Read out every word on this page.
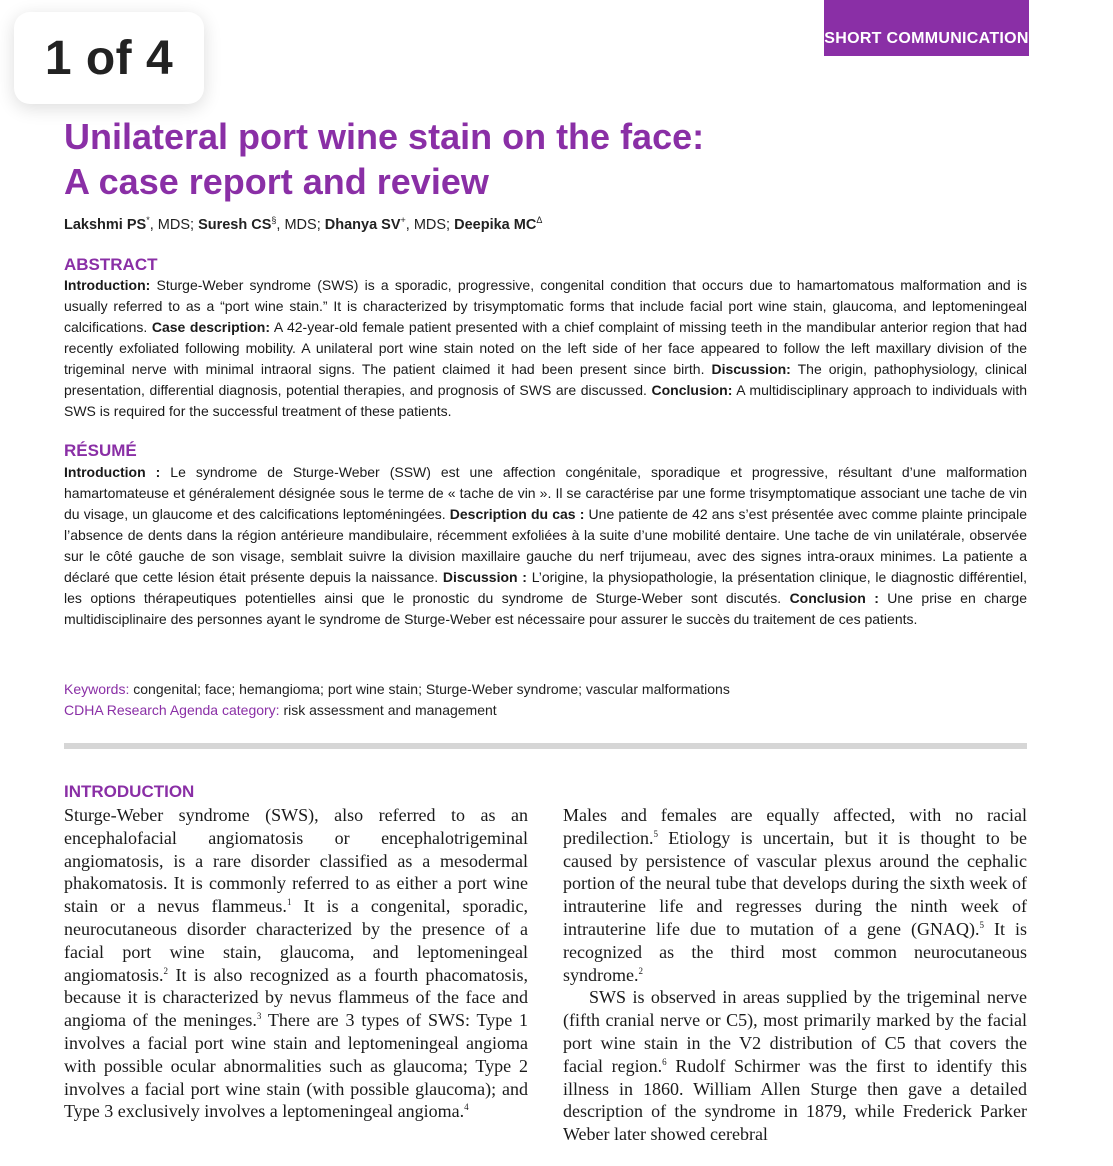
1 of 4	SHORT COMMUNICATION
Unilateral port wine stain on the face:
A case report and review
Lakshmi PS*, MDS; Suresh CS§, MDS; Dhanya SV+, MDS; Deepika $MC^\Delta$
ABSTRACT
Introduction: Sturge-Weber syndrome (SWS) is a sporadic, progressive, congenital condition that occurs due to hamartomatous malformation and is usually referred to as a “port wine stain.” It is characterized by trisymptomatic forms that include facial port wine stain, glaucoma, and leptomeningeal calcifications. Case description: A 42-year-old female patient presented with a chief complaint of missing teeth in the mandibular anterior region that had recently exfoliated following mobility. A unilateral port wine stain noted on the left side of her face appeared to follow the left maxillary division of the trigeminal nerve with minimal intraoral signs. The patient claimed it had been present since birth. Discussion: The origin, pathophysiology, clinical presentation, differential diagnosis, potential therapies, and prognosis of SWS are discussed. Conclusion: A multidisciplinary approach to individuals with SWS is required for the successful treatment of these patients.
RÉSUMÉ
Introduction : Le syndrome de Sturge-Weber (SSW) est une affection congénitale, sporadique et progressive, résultant d’une malformation hamartomateuse et généralement désignée sous le terme de « tache de vin ». Il se caractérise par une forme trisymptomatique associant une tache de vin du visage, un glaucome et des calcifications leptoméningées. Description du cas : Une patiente de 42 ans s’est présentée avec comme plainte principale l’absence de dents dans la région antérieure mandibulaire, récemment exfoliées à la suite d’une mobilité dentaire. Une tache de vin unilatérale, observée sur le côté gauche de son visage, semblait suivre la division maxillaire gauche du nerf trijumeau, avec des signes intra-oraux minimes. La patiente a déclaré que cette lésion était présente depuis la naissance. Discussion : L’origine, la physiopathologie, la présentation clinique, le diagnostic différentiel, les options thérapeutiques potentielles ainsi que le pronostic du syndrome de Sturge-Weber sont discutés. Conclusion : Une prise en charge multidisciplinaire des personnes ayant le syndrome de Sturge-Weber est nécessaire pour assurer le succès du traitement de ces patients.
Keywords: congenital; face; hemangioma; port wine stain; Sturge-Weber syndrome; vascular malformations
CDHA Research Agenda category: risk assessment and management
INTRODUCTION

Sturge-Weber syndrome (SWS), also referred to as an encephalofacial angiomatosis or encephalotrigeminal angiomatosis, is a rare disorder classified as a mesodermal phakomatosis. It is commonly referred to as either a port wine stain or a nevus flammeus.$^1$ It is a congenital, sporadic, neurocutaneous disorder characterized by the presence of a facial port wine stain, glaucoma, and leptomeningeal angiomatosis.$^2$ It is also recognized as a fourth phacomatosis, because it is characterized by nevus flammeus of the face and angioma of the meninges.$^3$ There are 3 types of SWS: Type 1 involves a facial port wine stain and leptomeningeal angioma with possible ocular abnormalities such as glaucoma; Type 2 involves a facial port wine stain (with possible glaucoma); and Type 3 exclusively involves a leptomeningeal angioma.$^4$

Males and females are equally affected, with no racial predilection.$^5$ Etiology is uncertain, but it is thought to be caused by persistence of vascular plexus around the cephalic portion of the neural tube that develops during the sixth week of intrauterine life and regresses during the ninth week of intrauterine life due to mutation of a gene (GNAQ).$^5$ It is recognized as the third most common neurocutaneous syndrome.$^2$

SWS is observed in areas supplied by the trigeminal nerve (fifth cranial nerve or C5), most primarily marked by the facial port wine stain in the V2 distribution of C5 that covers the facial region.$^6$ Rudolf Schirmer was the first to identify this illness in 1860. William Allen Sturge then gave a detailed description of the syndrome in 1879, while Frederick Parker Weber later showed cerebral
